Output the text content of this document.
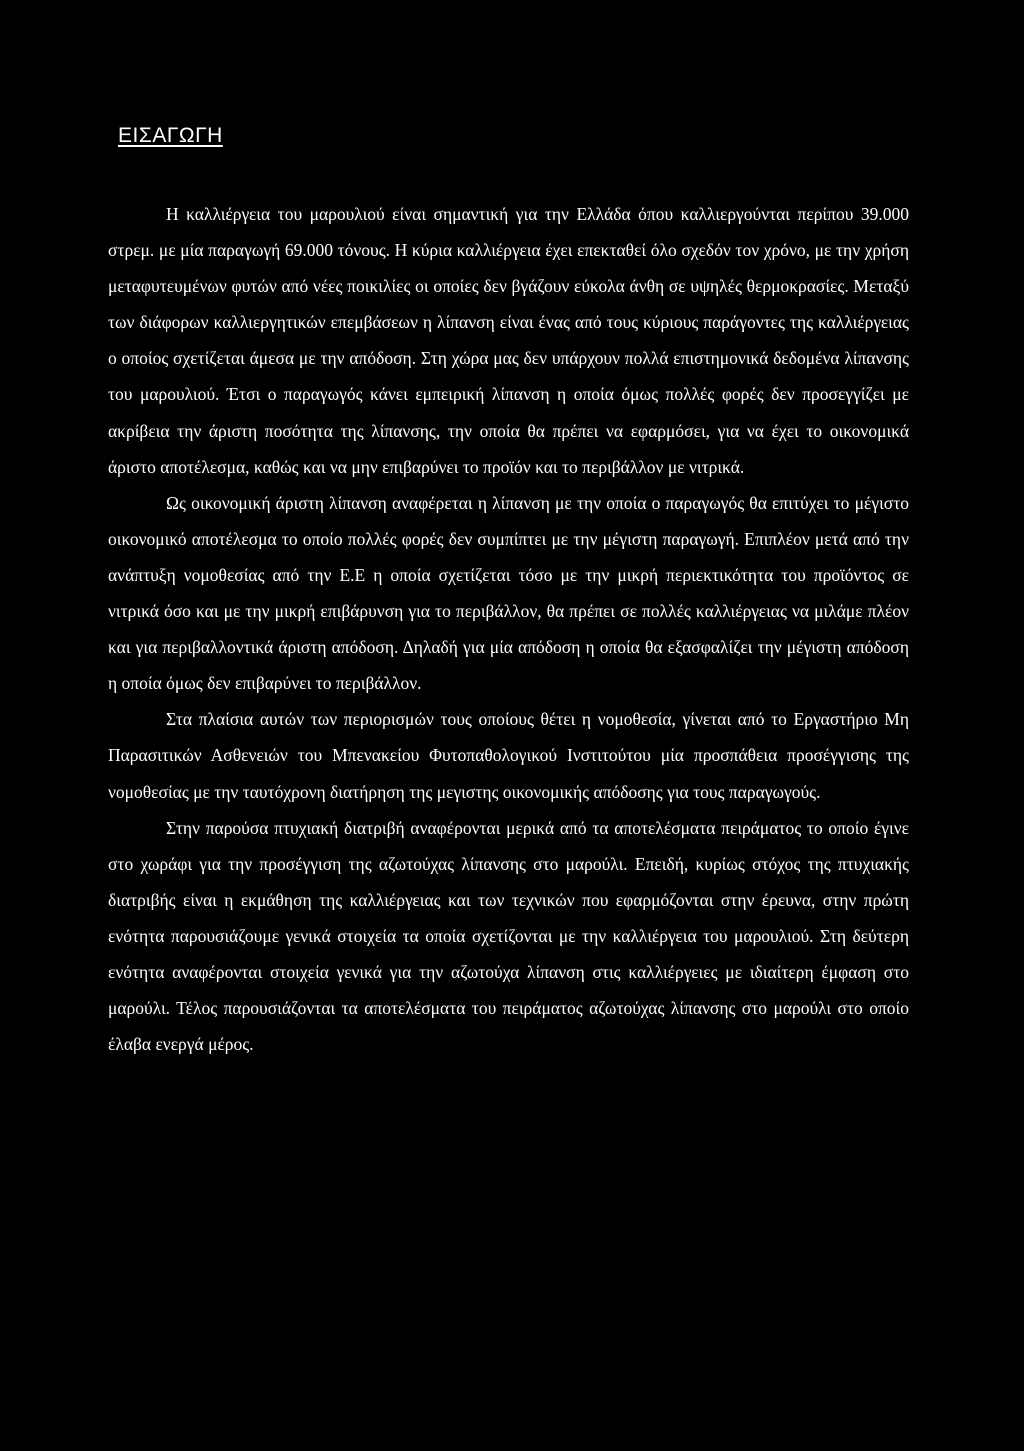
ΕΙΣΑΓΩΓΗ

Η καλλιέργεια του μαρουλιού είναι σημαντική για την Ελλάδα όπου καλλιεργούνται περίπου 39.000 στρεμ. με μία παραγωγή 69.000 τόνους. Η κύρια καλλιέργεια έχει επεκταθεί όλο σχεδόν τον χρόνο, με την χρήση μεταφυτευμένων φυτών από νέες ποικιλίες οι οποίες δεν βγάζουν εύκολα άνθη σε υψηλές θερμοκρασίες. Μεταξύ των διάφορων καλλιεργητικών επεμβάσεων η λίπανση είναι ένας από τους κύριους παράγοντες της καλλιέργειας ο οποίος σχετίζεται άμεσα με την απόδοση. Στη χώρα μας δεν υπάρχουν πολλά επιστημονικά δεδομένα λίπανσης του μαρουλιού. Έτσι ο παραγωγός κάνει εμπειρική λίπανση η οποία όμως πολλές φορές δεν προσεγγίζει με ακρίβεια την άριστη ποσότητα της λίπανσης, την οποία θα πρέπει να εφαρμόσει, για να έχει το οικονομικά άριστο αποτέλεσμα, καθώς και να μην επιβαρύνει το προϊόν και το περιβάλλον με νιτρικά.

Ως οικονομική άριστη λίπανση αναφέρεται η λίπανση με την οποία ο παραγωγός θα επιτύχει το μέγιστο οικονομικό αποτέλεσμα το οποίο πολλές φορές δεν συμπίπτει με την μέγιστη παραγωγή. Επιπλέον μετά από την ανάπτυξη νομοθεσίας από την Ε.Ε η οποία σχετίζεται τόσο με την μικρή περιεκτικότητα του προϊόντος σε νιτρικά όσο και με την μικρή επιβάρυνση για το περιβάλλον, θα πρέπει σε πολλές καλλιέργειας να μιλάμε πλέον και για περιβαλλοντικά άριστη απόδοση. Δηλαδή για μία απόδοση η οποία θα εξασφαλίζει την μέγιστη απόδοση η οποία όμως δεν επιβαρύνει το περιβάλλον.

Στα πλαίσια αυτών των περιορισμών τους οποίους θέτει η νομοθεσία, γίνεται από το Εργαστήριο Μη Παρασιτικών Ασθενειών του Μπενακείου Φυτοπαθολογικού Ινστιτούτου μία προσπάθεια προσέγγισης της νομοθεσίας με την ταυτόχρονη διατήρηση της μεγιστης οικονομικής απόδοσης για τους παραγωγούς.

Στην παρούσα πτυχιακή διατριβή αναφέρονται μερικά από τα αποτελέσματα πειράματος το οποίο έγινε στο χωράφι για την προσέγγιση της αζωτούχας λίπανσης στο μαρούλι. Επειδή, κυρίως στόχος της πτυχιακής διατριβής είναι η εκμάθηση της καλλιέργειας και των τεχνικών που εφαρμόζονται στην έρευνα, στην πρώτη ενότητα παρουσιάζουμε γενικά στοιχεία τα οποία σχετίζονται με την καλλιέργεια του μαρουλιού. Στη δεύτερη ενότητα αναφέρονται στοιχεία γενικά για την αζωτούχα λίπανση στις καλλιέργειες με ιδιαίτερη έμφαση στο μαρούλι. Τέλος παρουσιάζονται τα αποτελέσματα του πειράματος αζωτούχας λίπανσης στο μαρούλι στο οποίο έλαβα ενεργά μέρος.
